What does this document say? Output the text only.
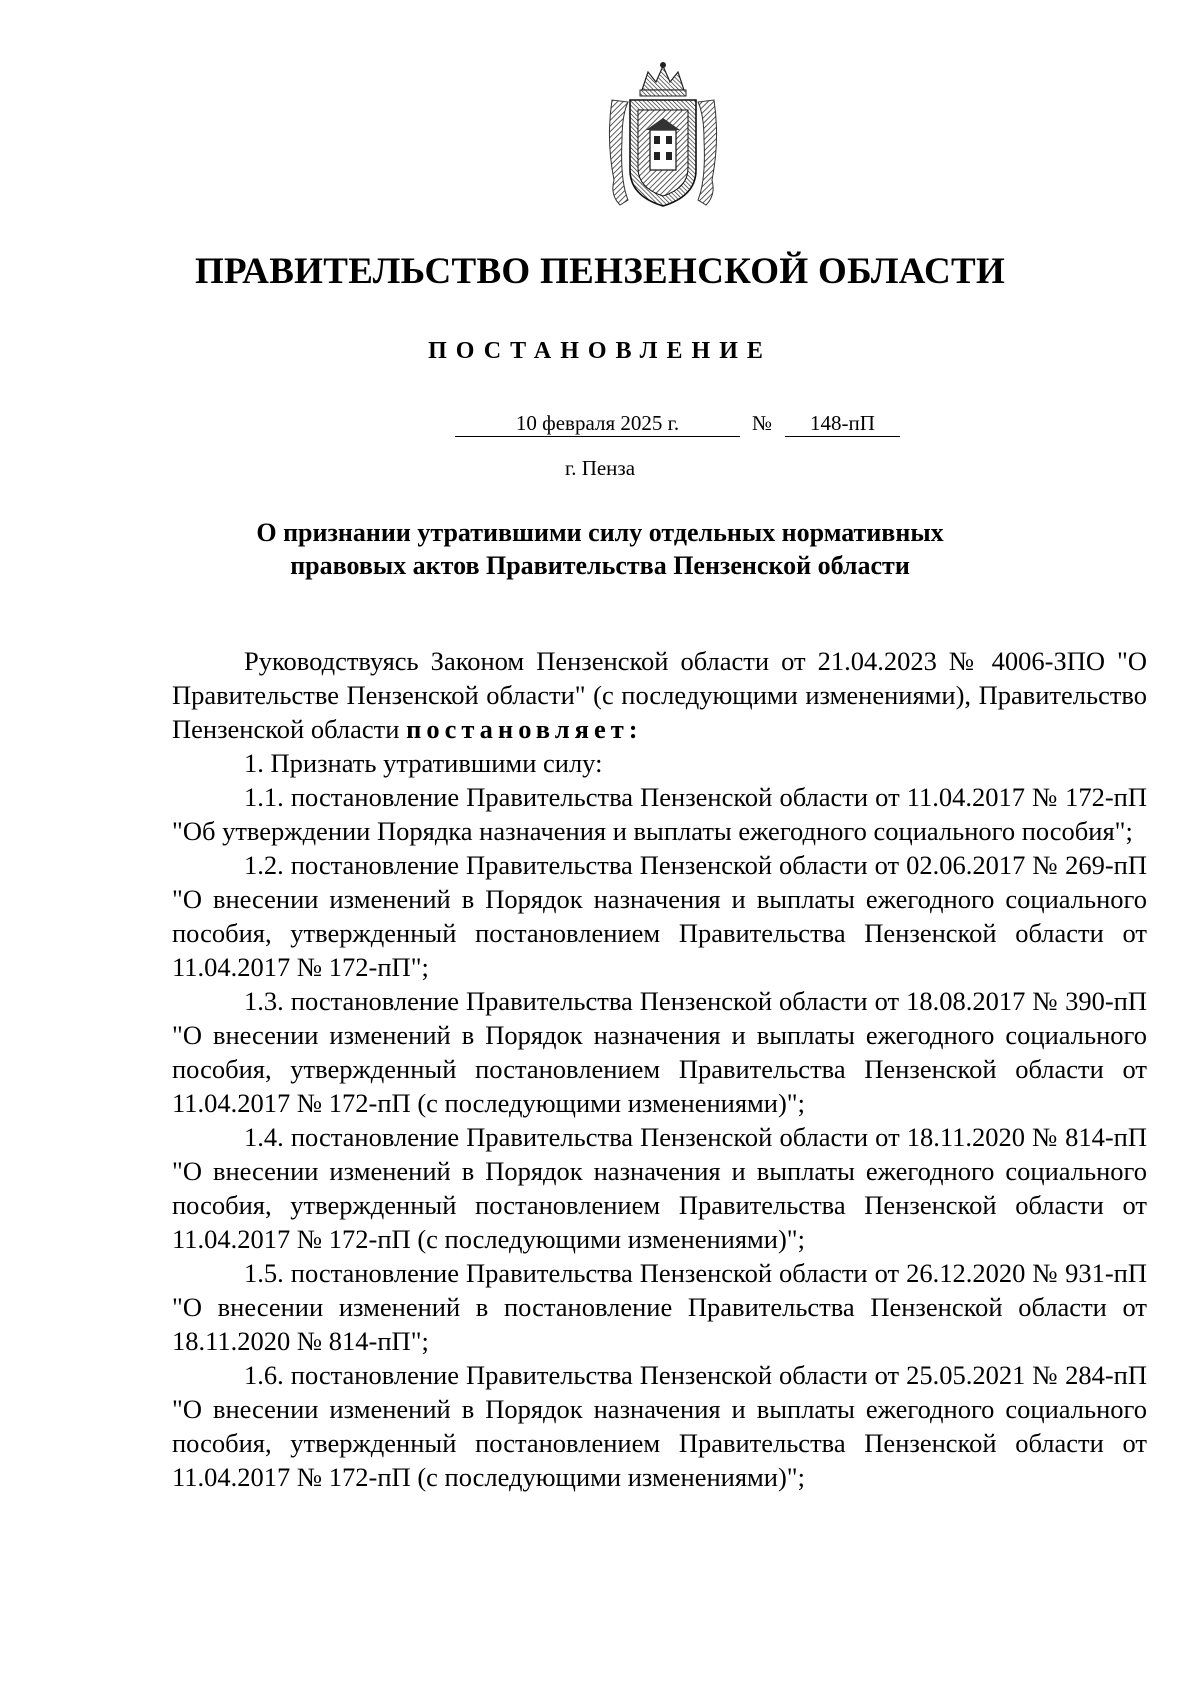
ПРАВИТЕЛЬСТВО ПЕНЗЕНСКОЙ ОБЛАСТИ
ПОСТАНОВЛЕНИЕ
10 февраля 2025 г.	№	148-пП
г. Пенза
О признании утратившими силу отдельных нормативных
правовых актов Правительства Пензенской области

Руководствуясь Законом Пензенской области от 21.04.2023 № 4006-ЗПО "О Правительстве Пензенской области" (с последующими изменениями), Правительство Пензенской области постановляет:

1. Признать утратившими силу:

1.1. постановление Правительства Пензенской области от 11.04.2017 № 172-пП "Об утверждении Порядка назначения и выплаты ежегодного социального пособия";

1.2. постановление Правительства Пензенской области от 02.06.2017 № 269-пП "О внесении изменений в Порядок назначения и выплаты ежегодного социального пособия, утвержденный постановлением Правительства Пензенской области от 11.04.2017 № 172-пП";

1.3. постановление Правительства Пензенской области от 18.08.2017 № 390-пП "О внесении изменений в Порядок назначения и выплаты ежегодного социального пособия, утвержденный постановлением Правительства Пензенской области от 11.04.2017 № 172-пП (с последующими изменениями)";

1.4. постановление Правительства Пензенской области от 18.11.2020 № 814-пП "О внесении изменений в Порядок назначения и выплаты ежегодного социального пособия, утвержденный постановлением Правительства Пензенской области от 11.04.2017 № 172-пП (с последующими изменениями)";

1.5. постановление Правительства Пензенской области от 26.12.2020 № 931-пП "О внесении изменений в постановление Правительства Пензенской области от 18.11.2020 № 814-пП";

1.6. постановление Правительства Пензенской области от 25.05.2021 № 284-пП "О внесении изменений в Порядок назначения и выплаты ежегодного социального пособия, утвержденный постановлением Правительства Пензенской области от 11.04.2017 № 172-пП (с последующими изменениями)";
